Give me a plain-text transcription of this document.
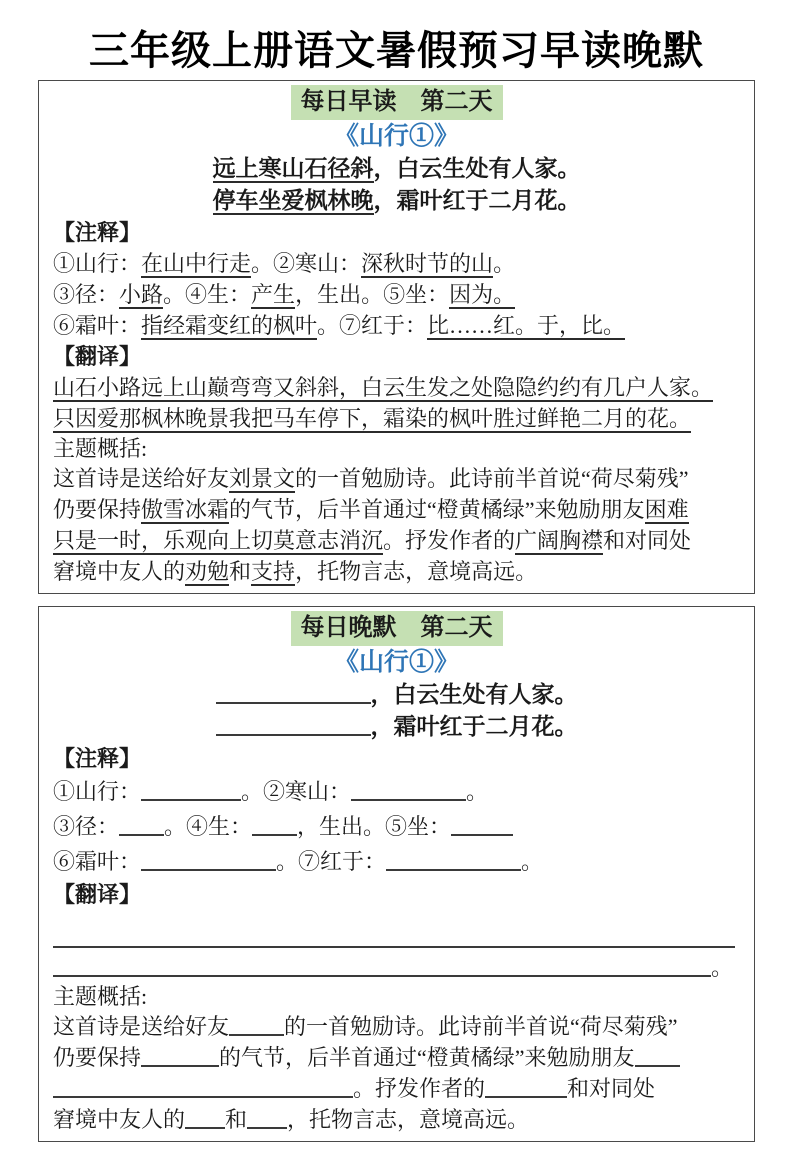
三年级上册语文暑假预习早读晚默
每日早读　第二天
《山行①》
远上寒山石径斜，白云生处有人家。
停车坐爱枫林晚，霜叶红于二月花。
【注释】
①山行：在山中行走。②寒山：深秋时节的山。
③径：小路。④生：产生，生出。⑤坐：因为。
⑥霜叶：指经霜变红的枫叶。⑦红于：比……红。于，比。
【翻译】
山石小路远上山巅弯弯又斜斜，白云生发之处隐隐约约有几户人家。
只因爱那枫林晚景我把马车停下，霜染的枫叶胜过鲜艳二月的花。
主题概括:
这首诗是送给好友刘景文的一首勉励诗。此诗前半首说“荷尽菊残”
仍要保持傲雪冰霜的气节，后半首通过“橙黄橘绿”来勉励朋友困难
只是一时，乐观向上切莫意志消沉。抒发作者的广阔胸襟和对同处
窘境中友人的劝勉和支持，托物言志，意境高远。
每日晚默　第二天
《山行①》
，白云生处有人家。
，霜叶红于二月花。
【注释】
①山行：	。②寒山：	。
③径： 。④生： ，生出。⑤坐：
⑥霜叶：	。⑦红于：	。
【翻译】
。
主题概括:
这首诗是送给好友	的一首勉励诗。此诗前半首说“荷尽菊残”
仍要保持	的气节，后半首通过“橙黄橘绿”来勉励朋友
。抒发作者的	和对同处
窘境中友人的 和 ，托物言志，意境高远。
